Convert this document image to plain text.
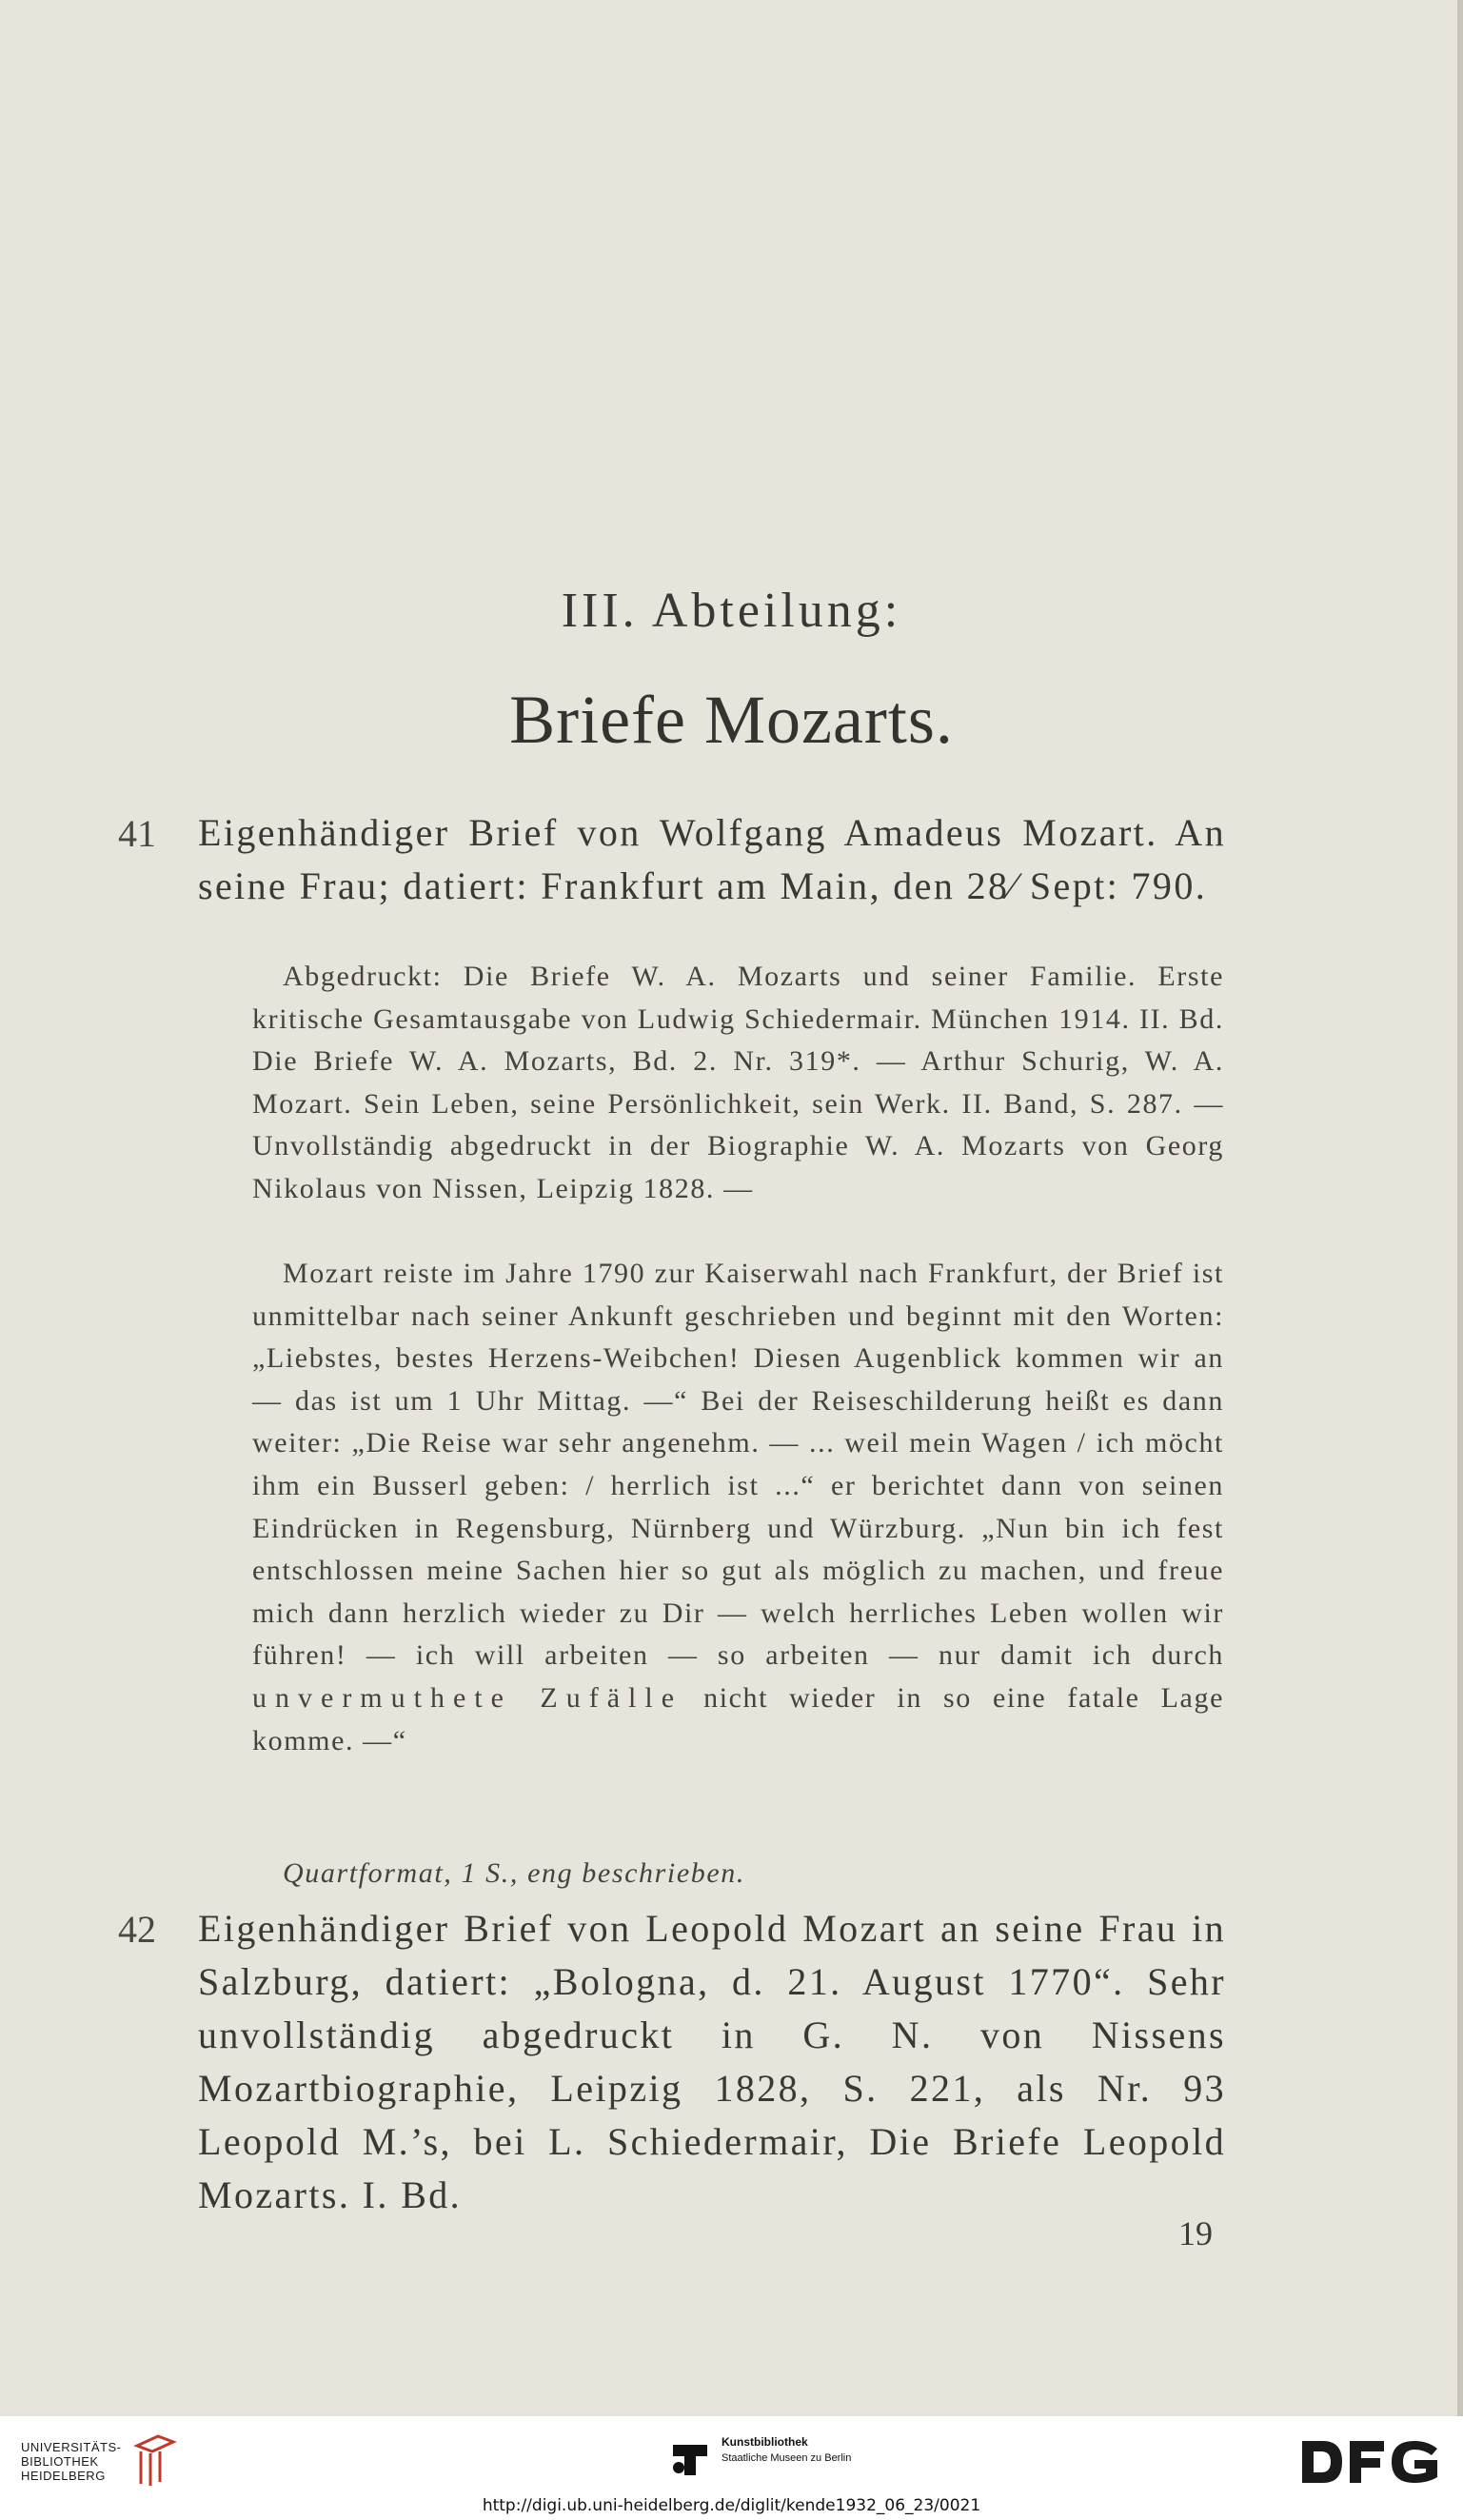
III. Abteilung:
Briefe Mozarts.
41 Eigenhändiger Brief von Wolfgang Amadeus Mozart. An seine Frau; datiert: Frankfurt am Main, den 28⁄ Sept: 790.

Abgedruckt: Die Briefe W. A. Mozarts und seiner Familie. Erste kritische Gesamtausgabe von Ludwig Schiedermair. München 1914. II. Bd. Die Briefe W. A. Mozarts, Bd. 2. Nr. 319*. — Arthur Schurig, W. A. Mozart. Sein Leben, seine Persönlichkeit, sein Werk. II. Band, S. 287. — Unvollständig abgedruckt in der Biographie W. A. Mozarts von Georg Nikolaus von Nissen, Leipzig 1828. —

Mozart reiste im Jahre 1790 zur Kaiserwahl nach Frankfurt, der Brief ist unmittelbar nach seiner Ankunft geschrieben und beginnt mit den Worten: „Liebstes, bestes Herzens-Weibchen! Diesen Augenblick kommen wir an — das ist um 1 Uhr Mittag. —“ Bei der Reiseschilderung heißt es dann weiter: „Die Reise war sehr angenehm. — ... weil mein Wagen / ich möcht ihm ein Busserl geben: / herrlich ist ...“ er berichtet dann von seinen Eindrücken in Regensburg, Nürnberg und Würzburg. „Nun bin ich fest entschlossen meine Sachen hier so gut als möglich zu machen, und freue mich dann herzlich wieder zu Dir — welch herrliches Leben wollen wir führen! — ich will arbeiten — so arbeiten — nur damit ich durch unvermuthete Zufälle nicht wieder in so eine fatale Lage komme. —“

Quartformat, 1 S., eng beschrieben.

42 Eigenhändiger Brief von Leopold Mozart an seine Frau in Salzburg, datiert: „Bologna, d. 21. August 1770“. Sehr unvollständig abgedruckt in G. N. von Nissens Mozartbiographie, Leipzig 1828, S. 221, als Nr. 93 Leopold M.’s, bei L. Schiedermair, Die Briefe Leopold Mozarts. I. Bd.

19
UNIVERSITÄTS-
BIBLIOTHEK
HEIDELBERG
Kunstbibliothek
Staatliche Museen zu Berlin
http://digi.ub.uni-heidelberg.de/diglit/kende1932_06_23/0021
